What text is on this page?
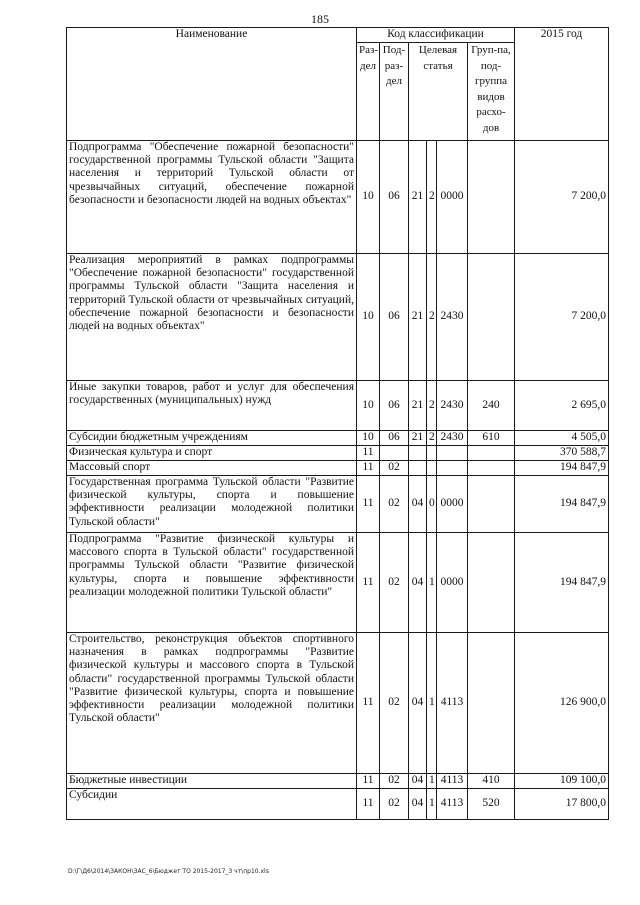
185
Наименование	Код классификации						2015 год
	Раз-дел	Под-раз-дел	Целевая статья			Груп-па, под-группа видов расхо-дов	
Подпрограмма "Обеспечение пожарной безопасности" государственной программы Тульской области "Защита населения и территорий Тульской области от чрезвычайных ситуаций, обеспечение пожарной безопасности и безопасности людей на водных объектах"	10	06	21	2	0000		7 200,0
Реализация мероприятий в рамках подпрограммы "Обеспечение пожарной безопасности" государственной программы Тульской области "Защита населения и территорий Тульской области от чрезвычайных ситуаций, обеспечение пожарной безопасности и безопасности людей на водных объектах"	10	06	21	2	2430		7 200,0
Иные закупки товаров, работ и услуг для обеспечения государственных (муниципальных) нужд	10	06	21	2	2430	240	2 695,0
Субсидии бюджетным учреждениям	10	06	21	2	2430	610	4 505,0
Физическая культура и спорт	11						370 588,7
Массовый спорт	11	02					194 847,9
Государственная программа Тульской области "Развитие физической культуры, спорта и повышение эффективности реализации молодежной политики Тульской области"	11	02	04	0	0000		194 847,9
Подпрограмма "Развитие физической культуры и массового спорта в Тульской области" государственной программы Тульской области "Развитие физической культуры, спорта и повышение эффективности реализации молодежной политики Тульской области"	11	02	04	1	0000		194 847,9
Строительство, реконструкция объектов спортивного назначения в рамках подпрограммы "Развитие физической культуры и массового спорта в Тульской области" государственной программы Тульской области "Развитие физической культуры, спорта и повышение эффективности реализации молодежной политики Тульской области"	11	02	04	1	4113		126 900,0
Бюджетные инвестиции	11	02	04	1	4113	410	109 100,0
Субсидии	11	02	04	1	4113	520	17 800,0
D:\Г\Д6\2014\ЗАКОН\ЗАС_6\Бюджет ТО 2015-2017_3 чт\пр10.xls
